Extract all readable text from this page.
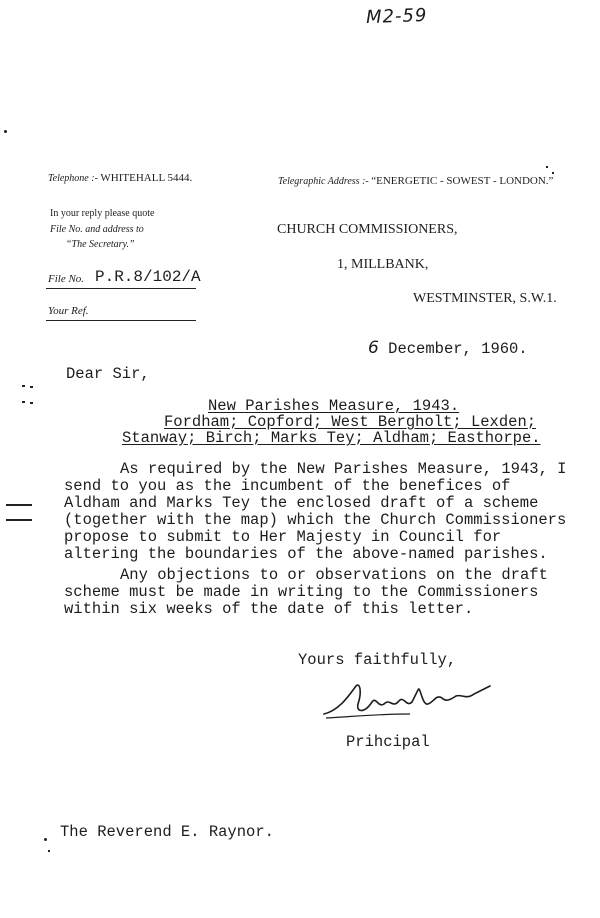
M2-59
Telephone :- WHITEHALL 5444.	Telegraphic Address :- “ENERGETIC - SOWEST - LONDON.”
In your reply please quote
File No. and address to
“The Secretary.”
CHURCH COMMISSIONERS,
1, MILLBANK,
WESTMINSTER, S.W.1.
File No. P.R.8/102/A
Your Ref.
6 December, 1960.
Dear Sir,
New Parishes Measure, 1943.
Fordham; Copford; West Bergholt; Lexden;
Stanway; Birch; Marks Tey; Aldham; Easthorpe.
As required by the New Parishes Measure, 1943, I
send to you as the incumbent of the benefices of
Aldham and Marks Tey the enclosed draft of a scheme
(together with the map) which the Church Commissioners
propose to submit to Her Majesty in Council for
altering the boundaries of the above-named parishes.
Any objections to or observations on the draft
scheme must be made in writing to the Commissioners
within six weeks of the date of this letter.
Yours faithfully,
Prihcipal
The Reverend E. Raynor.
